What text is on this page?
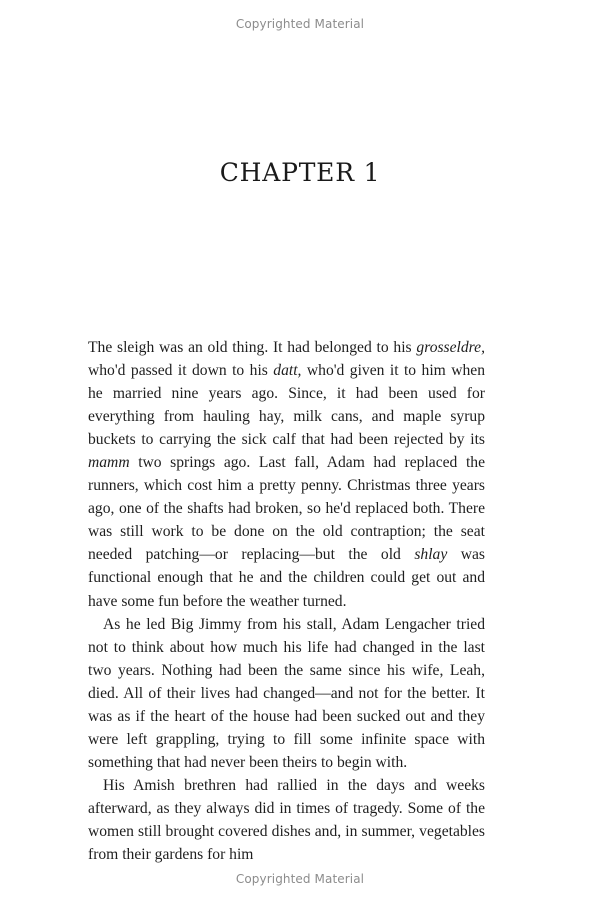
Copyrighted Material
CHAPTER 1

The sleigh was an old thing. It had belonged to his grosseldre, who'd passed it down to his datt, who'd given it to him when he married nine years ago. Since, it had been used for everything from hauling hay, milk cans, and maple syrup buckets to carrying the sick calf that had been rejected by its mamm two springs ago. Last fall, Adam had replaced the runners, which cost him a pretty penny. Christmas three years ago, one of the shafts had broken, so he'd replaced both. There was still work to be done on the old contraption; the seat needed patching—or replacing—but the old shlay was functional enough that he and the children could get out and have some fun before the weather turned.

As he led Big Jimmy from his stall, Adam Lengacher tried not to think about how much his life had changed in the last two years. Nothing had been the same since his wife, Leah, died. All of their lives had changed—and not for the better. It was as if the heart of the house had been sucked out and they were left grappling, trying to fill some infinite space with something that had never been theirs to begin with.

His Amish brethren had rallied in the days and weeks afterward, as they always did in times of tragedy. Some of the women still brought covered dishes and, in summer, vegetables from their gardens for him

Copyrighted Material
